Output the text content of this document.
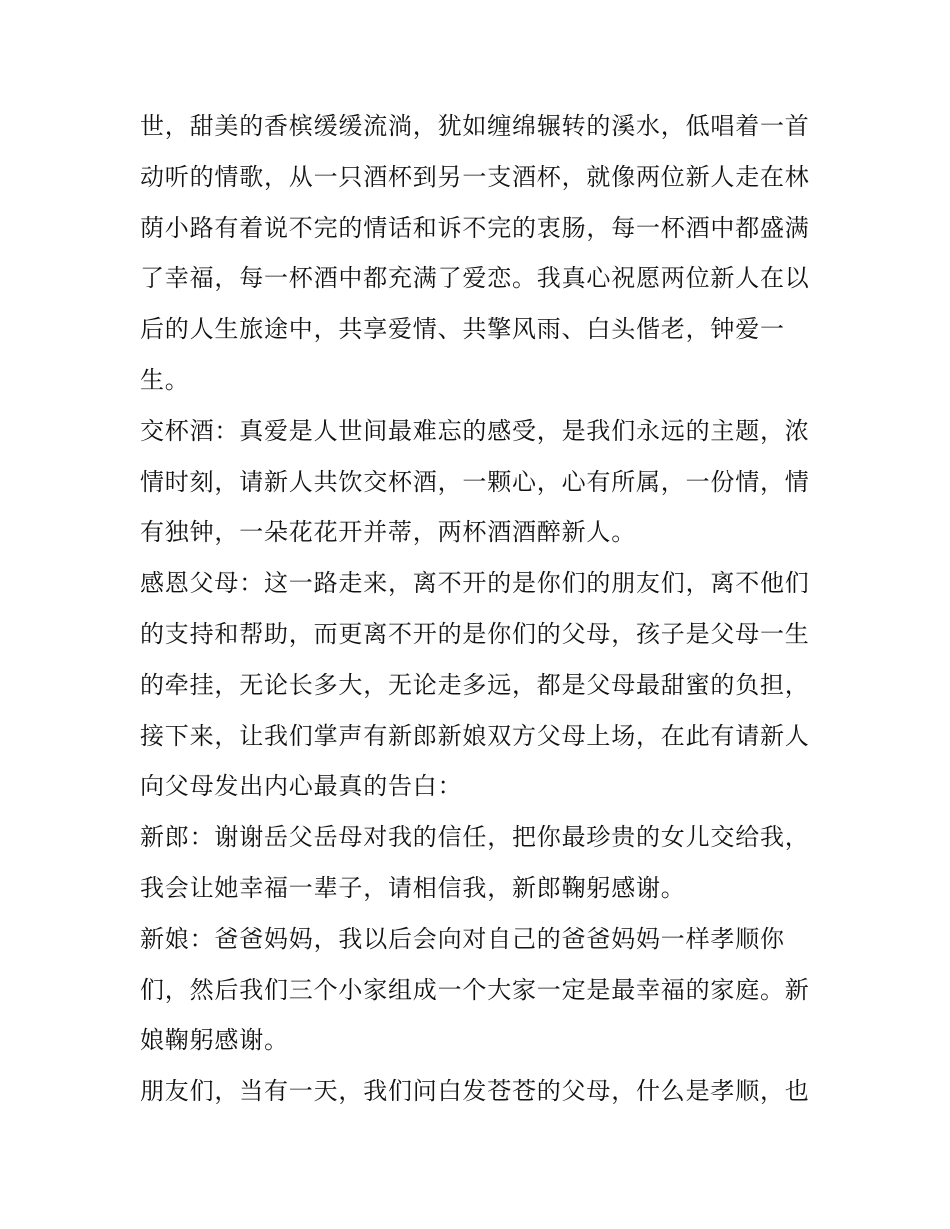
世，甜美的香槟缓缓流淌，犹如缠绵辗转的溪水，低唱着一首
动听的情歌，从一只酒杯到另一支酒杯，就像两位新人走在林
荫小路有着说不完的情话和诉不完的衷肠，每一杯酒中都盛满
了幸福，每一杯酒中都充满了爱恋。我真心祝愿两位新人在以
后的人生旅途中，共享爱情、共擎风雨、白头偕老，钟爱一
生。
交杯酒：真爱是人世间最难忘的感受，是我们永远的主题，浓
情时刻，请新人共饮交杯酒，一颗心，心有所属，一份情，情
有独钟，一朵花花开并蒂，两杯酒酒醉新人。
感恩父母：这一路走来，离不开的是你们的朋友们，离不他们
的支持和帮助，而更离不开的是你们的父母，孩子是父母一生
的牵挂，无论长多大，无论走多远，都是父母最甜蜜的负担，
接下来，让我们掌声有新郎新娘双方父母上场，在此有请新人
向父母发出内心最真的告白：
新郎：谢谢岳父岳母对我的信任，把你最珍贵的女儿交给我，
我会让她幸福一辈子，请相信我，新郎鞠躬感谢。
新娘：爸爸妈妈，我以后会向对自己的爸爸妈妈一样孝顺你
们，然后我们三个小家组成一个大家一定是最幸福的家庭。新
娘鞠躬感谢。
朋友们，当有一天，我们问白发苍苍的父母，什么是孝顺，也
